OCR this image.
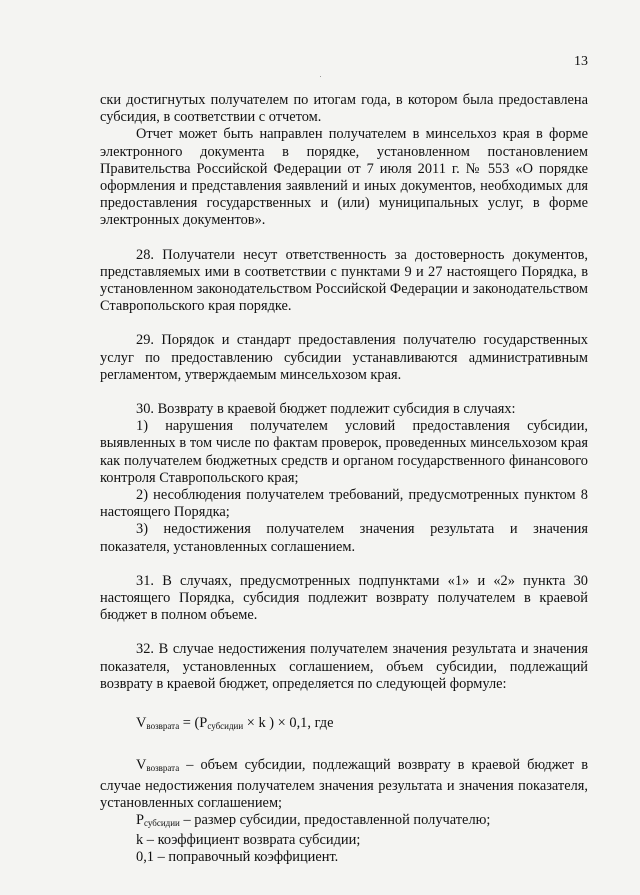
13

ски достигнутых получателем по итогам года, в котором была предоставлена субсидия, в соответствии с отчетом.

Отчет может быть направлен получателем в минсельхоз края в форме электронного документа в порядке, установленном постановлением Правительства Российской Федерации от 7 июля 2011 г. № 553 «О порядке оформления и представления заявлений и иных документов, необходимых для предоставления государственных и (или) муниципальных услуг, в форме электронных документов».

28. Получатели несут ответственность за достоверность документов, представляемых ими в соответствии с пунктами 9 и 27 настоящего Порядка, в установленном законодательством Российской Федерации и законодательством Ставропольского края порядке.

29. Порядок и стандарт предоставления получателю государственных услуг по предоставлению субсидии устанавливаются административным регламентом, утверждаемым минсельхозом края.

30. Возврату в краевой бюджет подлежит субсидия в случаях:

1) нарушения получателем условий предоставления субсидии, выявленных в том числе по фактам проверок, проведенных минсельхозом края как получателем бюджетных средств и органом государственного финансового контроля Ставропольского края;

2) несоблюдения получателем требований, предусмотренных пунктом 8 настоящего Порядка;

3) недостижения получателем значения результата и значения показателя, установленных соглашением.

31. В случаях, предусмотренных подпунктами «1» и «2» пункта 30 настоящего Порядка, субсидия подлежит возврату получателем в краевой бюджет в полном объеме.

32. В случае недостижения получателем значения результата и значения показателя, установленных соглашением, объем субсидии, подлежащий возврату в краевой бюджет, определяется по следующей формуле:

$V_{возврата} = (P_{субсидии} \times k$ ) × 0,1, где

$V_{возврата}$ – объем субсидии, подлежащий возврату в краевой бюджет в случае недостижения получателем значения результата и значения показателя, установленных соглашением;

$P_{субсидии}$ – размер субсидии, предоставленной получателю;

k – коэффициент возврата субсидии;

0,1 – поправочный коэффициент.
